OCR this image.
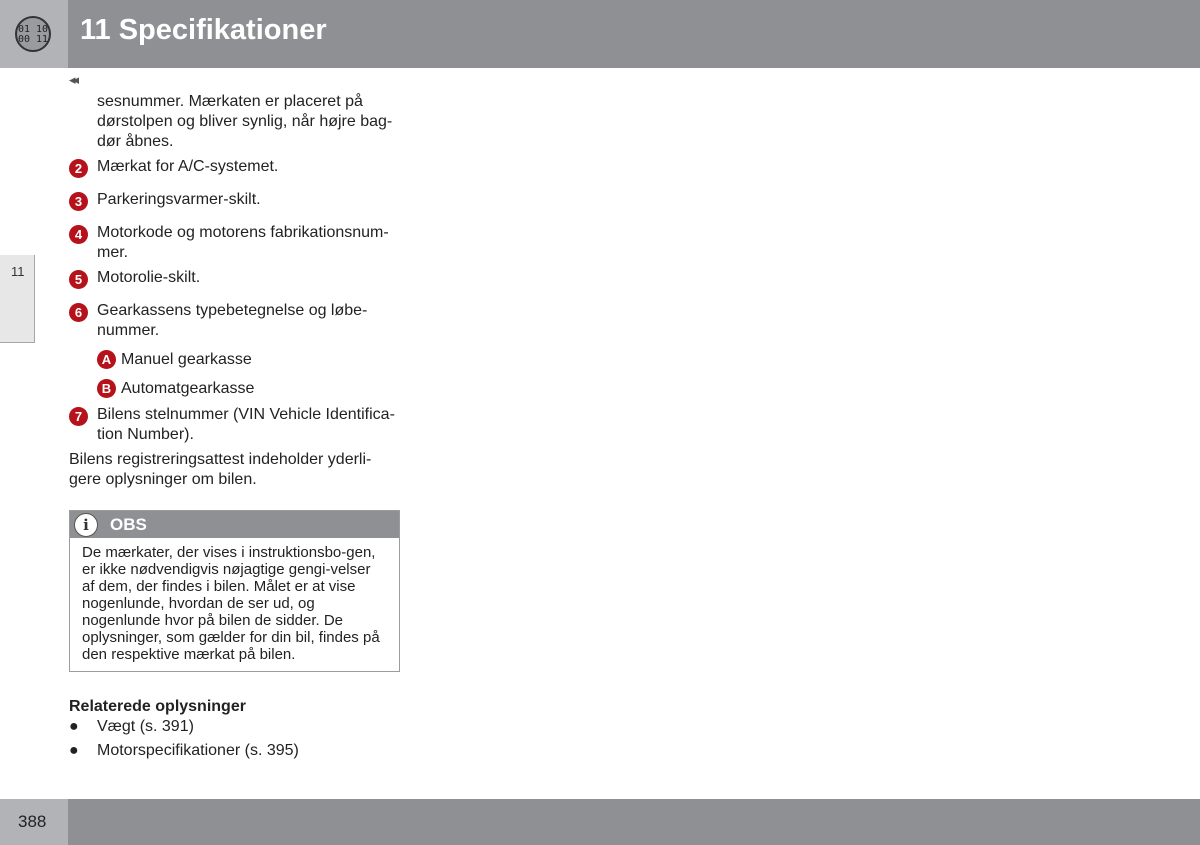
01 10
00 11 11 Specifikationer
11
◂◂
sesnummer. Mærkaten er placeret på dørstolpen og bliver synlig, når højre bag-dør åbnes.
2 Mærkat for A/C-systemet.
3 Parkeringsvarmer-skilt.
4 Motorkode og motorens fabrikationsnum-mer.
5 Motorolie-skilt.
6 Gearkassens typebetegnelse og løbe-nummer.
A Manuel gearkasse
B Automatgearkasse
7 Bilens stelnummer (VIN Vehicle Identifica-tion Number).
Bilens registreringsattest indeholder yderli-gere oplysninger om bilen.
i	OBS
De mærkater, der vises i instruktionsbo-gen, er ikke nødvendigvis nøjagtige gengi-velser af dem, der findes i bilen. Målet er at vise nogenlunde, hvordan de ser ud, og nogenlunde hvor på bilen de sidder. De oplysninger, som gælder for din bil, findes på den respektive mærkat på bilen.
Relaterede oplysninger
● Vægt (s. 391)
● Motorspecifikationer (s. 395)
388
